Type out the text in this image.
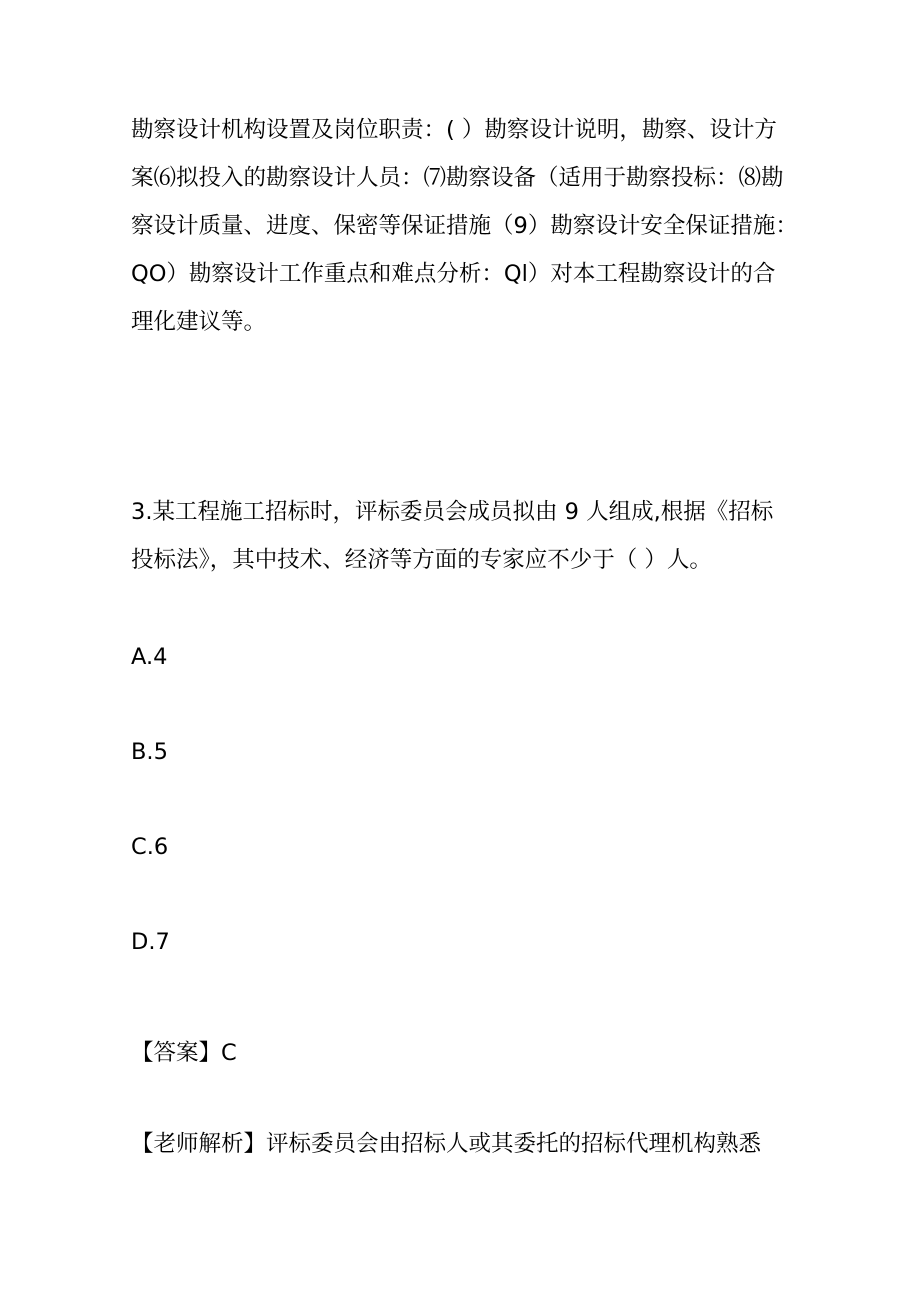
勘察设计机构设置及岗位职责：( ）勘察设计说明，勘察、设计方
案⑹拟投入的勘察设计人员：⑺勘察设备（适用于勘察投标：⑻勘
察设计质量、进度、保密等保证措施（9）勘察设计安全保证措施：
QO）勘察设计工作重点和难点分析：Ql）对本工程勘察设计的合
理化建议等。

3.某工程施工招标时，评标委员会成员拟由 9 人组成,根据《招标
投标法》，其中技术、经济等方面的专家应不少于（ ）人。

A.4

B.5

C.6

D.7

【答案】C

【老师解析】评标委员会由招标人或其委托的招标代理机构熟悉
